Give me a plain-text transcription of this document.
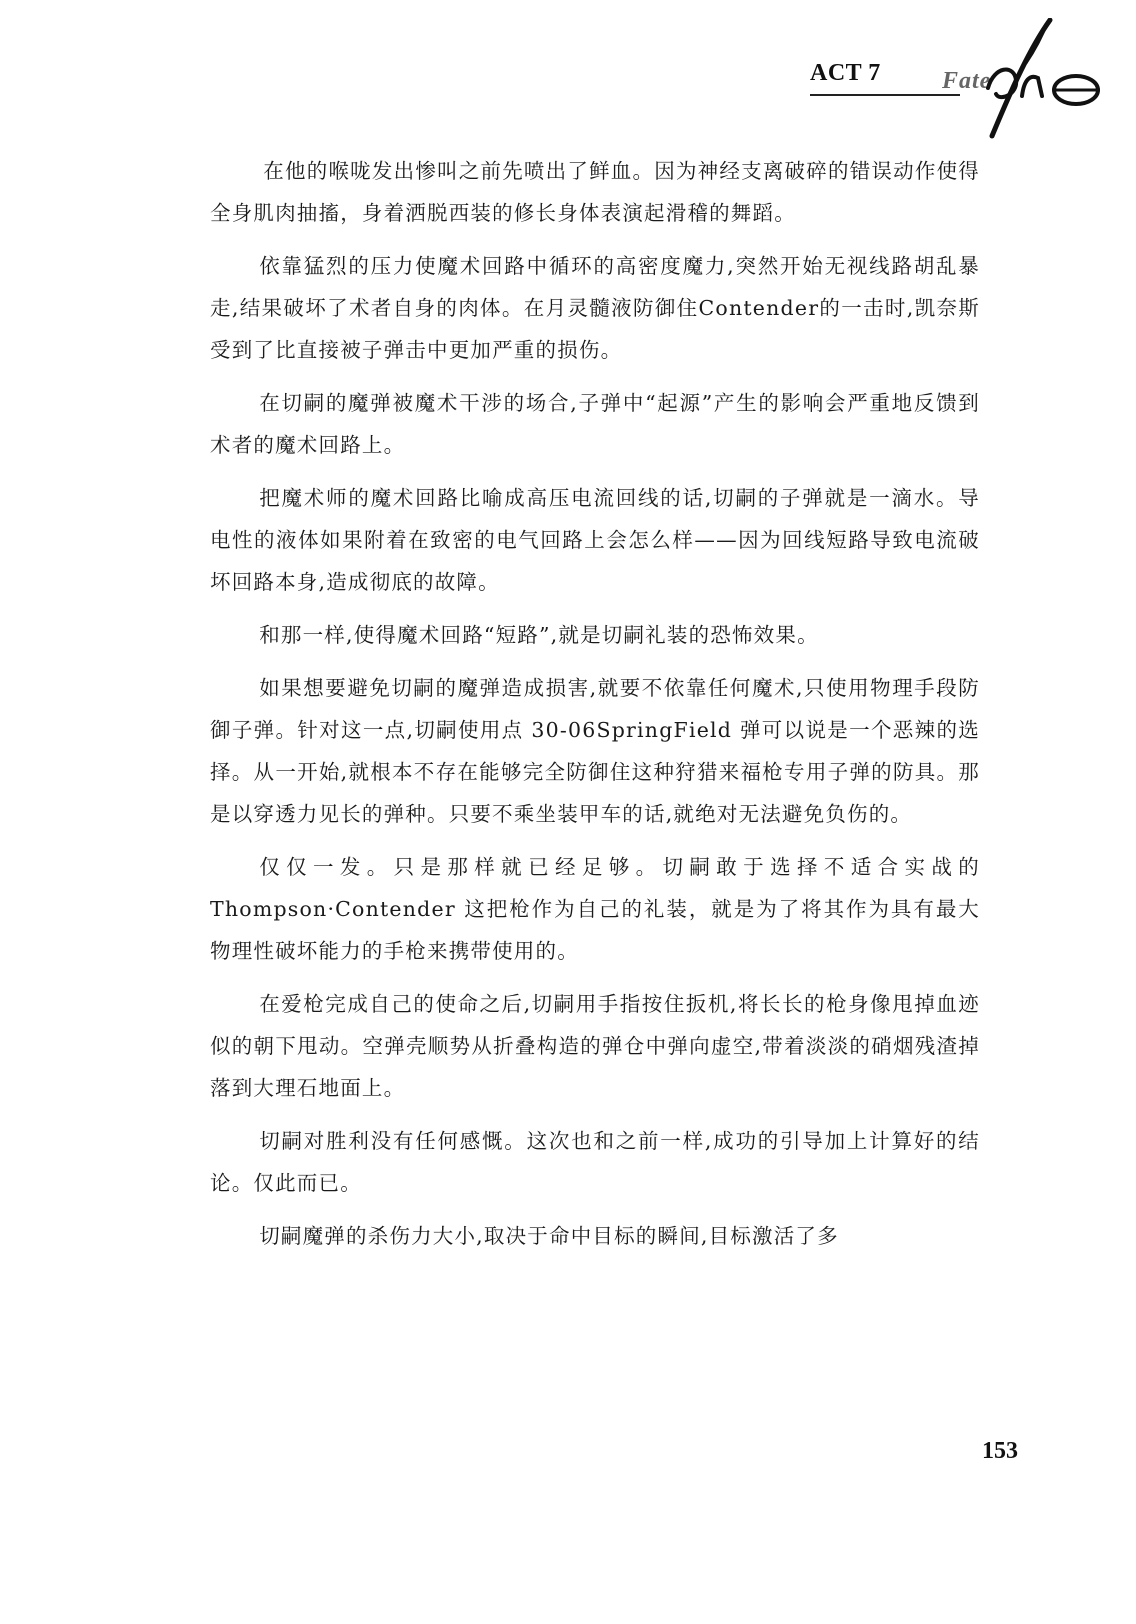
ACT 7	Fate

在他的喉咙发出惨叫之前先喷出了鲜血。因为神经支离破碎的错误动作使得全身肌肉抽搐，身着洒脱西装的修长身体表演起滑稽的舞蹈。

依靠猛烈的压力使魔术回路中循环的高密度魔力,突然开始无视线路胡乱暴走,结果破坏了术者自身的肉体。在月灵髓液防御住Contender的一击时,凯奈斯受到了比直接被子弹击中更加严重的损伤。

在切嗣的魔弹被魔术干涉的场合,子弹中“起源”产生的影响会严重地反馈到术者的魔术回路上。

把魔术师的魔术回路比喻成高压电流回线的话,切嗣的子弹就是一滴水。导电性的液体如果附着在致密的电气回路上会怎么样——因为回线短路导致电流破坏回路本身,造成彻底的故障。

和那一样,使得魔术回路“短路”,就是切嗣礼装的恐怖效果。

如果想要避免切嗣的魔弹造成损害,就要不依靠任何魔术,只使用物理手段防御子弹。针对这一点,切嗣使用点 30-06SpringField 弹可以说是一个恶辣的选择。从一开始,就根本不存在能够完全防御住这种狩猎来福枪专用子弹的防具。那是以穿透力见长的弹种。只要不乘坐装甲车的话,就绝对无法避免负伤的。

仅仅一发。只是那样就已经足够。切嗣敢于选择不适合实战的Thompson·Contender 这把枪作为自己的礼装，就是为了将其作为具有最大物理性破坏能力的手枪来携带使用的。

在爱枪完成自己的使命之后,切嗣用手指按住扳机,将长长的枪身像甩掉血迹似的朝下甩动。空弹壳顺势从折叠构造的弹仓中弹向虚空,带着淡淡的硝烟残渣掉落到大理石地面上。

切嗣对胜利没有任何感慨。这次也和之前一样,成功的引导加上计算好的结论。仅此而已。

切嗣魔弹的杀伤力大小,取决于命中目标的瞬间,目标激活了多

153
